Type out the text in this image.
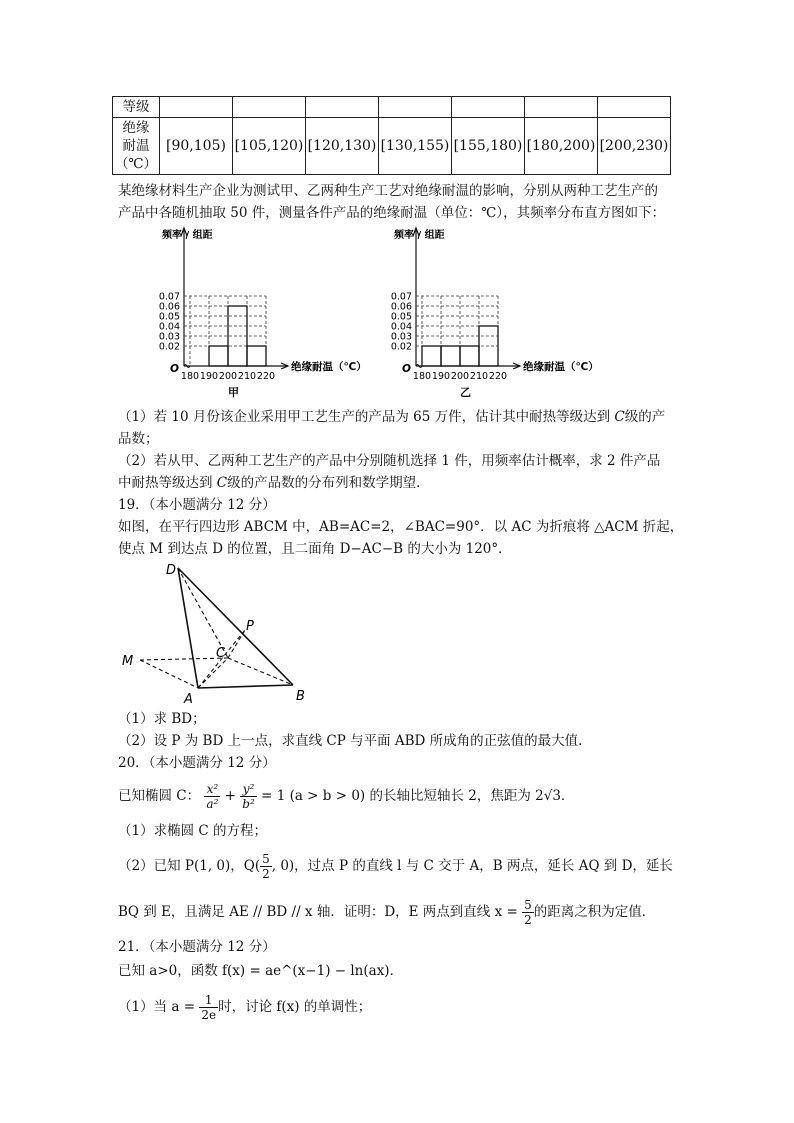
等级							

绝缘
耐温
（℃）	[90,105)	[105,120)	[120,130)	[130,155)	[155,180)	[180,200)	[200,230)
某绝缘材料生产企业为测试甲、乙两种生产工艺对绝缘耐温的影响，分别从两种工艺生产的
产品中各随机抽取 50 件，测量各件产品的绝缘耐温（单位：℃），其频率分布直方图如下：
0.02
0.03
0.04
0.05
0.06
0.07
180 190 200 210 220
O
频率 / 组距
绝缘耐温（℃）
甲
0.02
0.03
0.04
0.05
0.06
0.07
180 190 200 210 220
O
频率 / 组距
绝缘耐温（℃）
乙
（1）若 10 月份该企业采用甲工艺生产的产品为 65 万件，估计其中耐热等级达到 C级的产
品数；
（2）若从甲、乙两种工艺生产的产品中分别随机选择 1 件，用频率估计概率，求 2 件产品
中耐热等级达到 C级的产品数的分布列和数学期望．
19．（本小题满分 12 分）
如图，在平行四边形 ABCM 中，AB=AC=2，∠BAC=90°．以 AC 为折痕将 △ACM 折起，
使点 M 到达点 D 的位置，且二面角 D−AC−B 的大小为 120°．
D
P
C
M
A	B
（1）求 BD；
（2）设 P 为 BD 上一点，求直线 CP 与平面 ABD 所成角的正弦值的最大值．
20．（本小题满分 12 分）
已知椭圆 C： $\frac{\text{x²}}{\text{a²}} + \frac{\text{y²}}{\text{b²}} = 1$ (a > b > 0) 的长轴比短轴长 2，焦距为 2√3．
（1）求椭圆 C 的方程；
（2）已知 P(1, 0)，$Q( \frac{5}{2}$ , 0)，过点 P 的直线 l 与 C 交于 A，B 两点，延长 AQ 到 D，延长
BQ 到 E，且满足 AE // BD // x 轴．证明：D，E 两点到直线 $x = \frac{5}{2}$ 的距离之积为定值．
21．（本小题满分 12 分）
已知 a>0，函数 f(x) = ae^(x−1) − ln(ax)．
（1）当 $a = \frac{1}{2e}$ 时，讨论 f(x) 的单调性；
